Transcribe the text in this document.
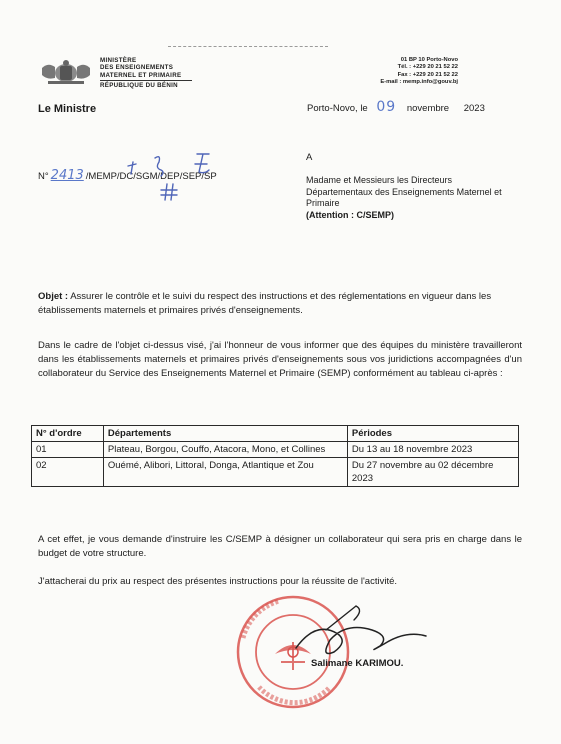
MINISTÈRE
DES ENSEIGNEMENTS
MATERNEL ET PRIMAIRE
RÉPUBLIQUE DU BÉNIN
01 BP 10 Porto-Novo
Tél. : +229 20 21 52 22
Fax : +229 20 21 52 22
E-mail : memp.info@gouv.bj
Le Ministre	Porto-Novo, le 09 novembre 2023
N° 2413 /MEMP/DC/SGM/DEP/SEP/SP
A
Madame et Messieurs les Directeurs
Départementaux des Enseignements Maternel et
Primaire
(Attention : C/SEMP)
Objet : Assurer le contrôle et le suivi du respect des instructions et des réglementations en vigueur dans les établissements maternels et primaires privés d'enseignements.
Dans le cadre de l'objet ci-dessus visé, j'ai l'honneur de vous informer que des équipes du ministère travailleront dans les établissements maternels et primaires privés d'enseignements sous vos juridictions accompagnées d'un collaborateur du Service des Enseignements Maternel et Primaire (SEMP) conformément au tableau ci-après :
N° d'ordre	Départements	Périodes
01	Plateau, Borgou, Couffo, Atacora, Mono, et Collines	Du 13 au 18 novembre 2023
02	Ouémé, Alibori, Littoral, Donga, Atlantique et Zou	Du 27 novembre au 02 décembre 2023
A cet effet, je vous demande d'instruire les C/SEMP à désigner un collaborateur qui sera pris en charge dans le budget de votre structure.
J'attacherai du prix au respect des présentes instructions pour la réussite de l'activité.
Salimane KARIMOU.
